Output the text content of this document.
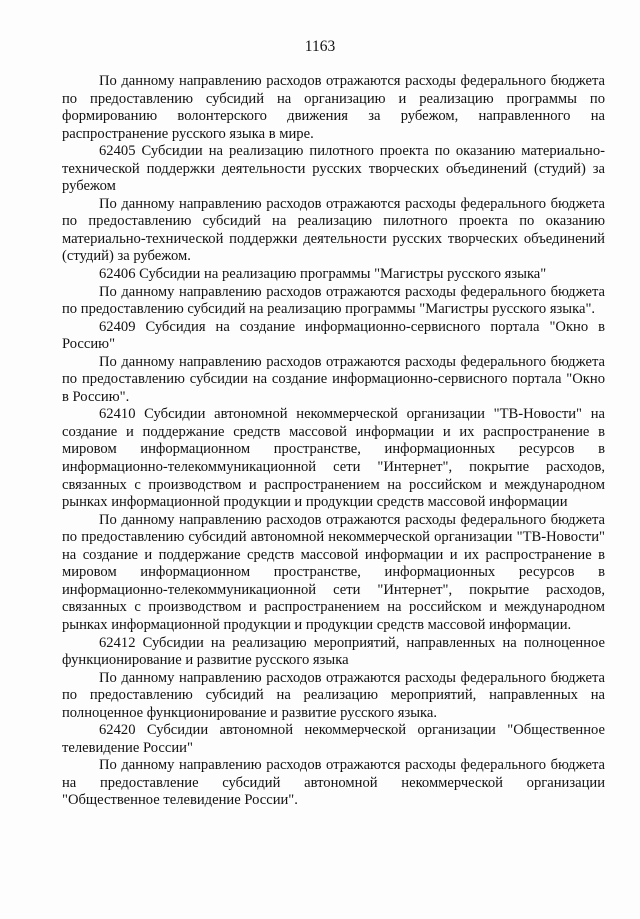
1163

По данному направлению расходов отражаются расходы федерального бюджета по предоставлению субсидий на организацию и реализацию программы по формированию волонтерского движения за рубежом, направленного на распространение русского языка в мире.

62405 Субсидии на реализацию пилотного проекта по оказанию материально-технической поддержки деятельности русских творческих объединений (студий) за рубежом

По данному направлению расходов отражаются расходы федерального бюджета по предоставлению субсидий на реализацию пилотного проекта по оказанию материально-технической поддержки деятельности русских творческих объединений (студий) за рубежом.

62406 Субсидии на реализацию программы "Магистры русского языка"

По данному направлению расходов отражаются расходы федерального бюджета по предоставлению субсидий на реализацию программы "Магистры русского языка".

62409 Субсидия на создание информационно-сервисного портала "Окно в Россию"

По данному направлению расходов отражаются расходы федерального бюджета по предоставлению субсидии на создание информационно-сервисного портала "Окно в Россию".

62410 Субсидии автономной некоммерческой организации "ТВ-Новости" на создание и поддержание средств массовой информации и их распространение в мировом информационном пространстве, информационных ресурсов в информационно-телекоммуникационной сети "Интернет", покрытие расходов, связанных с производством и распространением на российском и международном рынках информационной продукции и продукции средств массовой информации

По данному направлению расходов отражаются расходы федерального бюджета по предоставлению субсидий автономной некоммерческой организации "ТВ-Новости" на создание и поддержание средств массовой информации и их распространение в мировом информационном пространстве, информационных ресурсов в информационно-телекоммуникационной сети "Интернет", покрытие расходов, связанных с производством и распространением на российском и международном рынках информационной продукции и продукции средств массовой информации.

62412 Субсидии на реализацию мероприятий, направленных на полноценное функционирование и развитие русского языка

По данному направлению расходов отражаются расходы федерального бюджета по предоставлению субсидий на реализацию мероприятий, направленных на полноценное функционирование и развитие русского языка.

62420 Субсидии автономной некоммерческой организации "Общественное телевидение России"

По данному направлению расходов отражаются расходы федерального бюджета на предоставление субсидий автономной некоммерческой организации "Общественное телевидение России".
